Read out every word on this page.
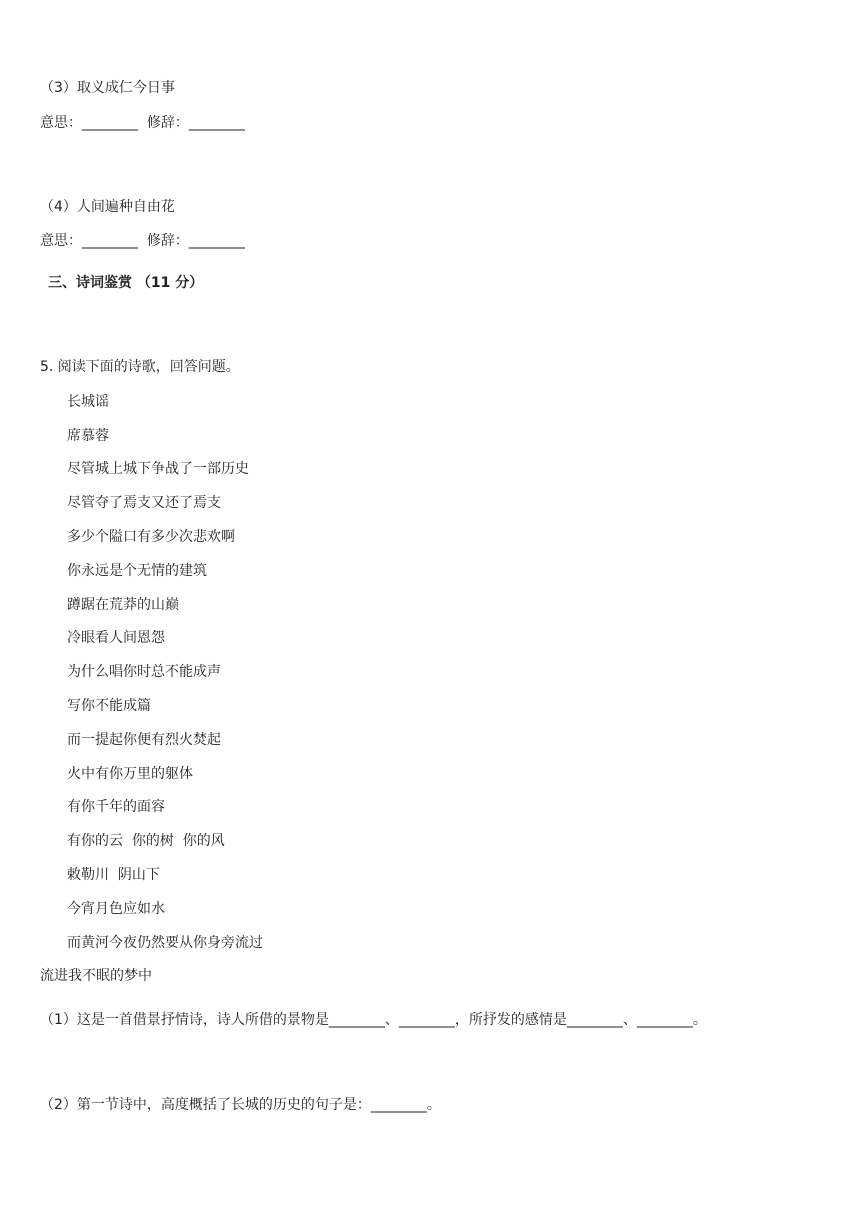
（3）取义成仁今日事
意思：________  修辞：________
（4）人间遍种自由花
意思：________  修辞：________
三、诗词鉴赏 （11 分）
5. 阅读下面的诗歌，回答问题。
长城谣
席慕蓉
尽管城上城下争战了一部历史
尽管夺了焉支又还了焉支
多少个隘口有多少次悲欢啊
你永远是个无情的建筑
蹲踞在荒莽的山巅
冷眼看人间恩怨
为什么唱你时总不能成声
写你不能成篇
而一提起你便有烈火焚起
火中有你万里的躯体
有你千年的面容
有你的云  你的树  你的风
敕勒川  阴山下
今宵月色应如水
而黄河今夜仍然要从你身旁流过
流进我不眠的梦中
（1）这是一首借景抒情诗，诗人所借的景物是________、________，所抒发的感情是________、________。
（2）第一节诗中，高度概括了长城的历史的句子是：________。
